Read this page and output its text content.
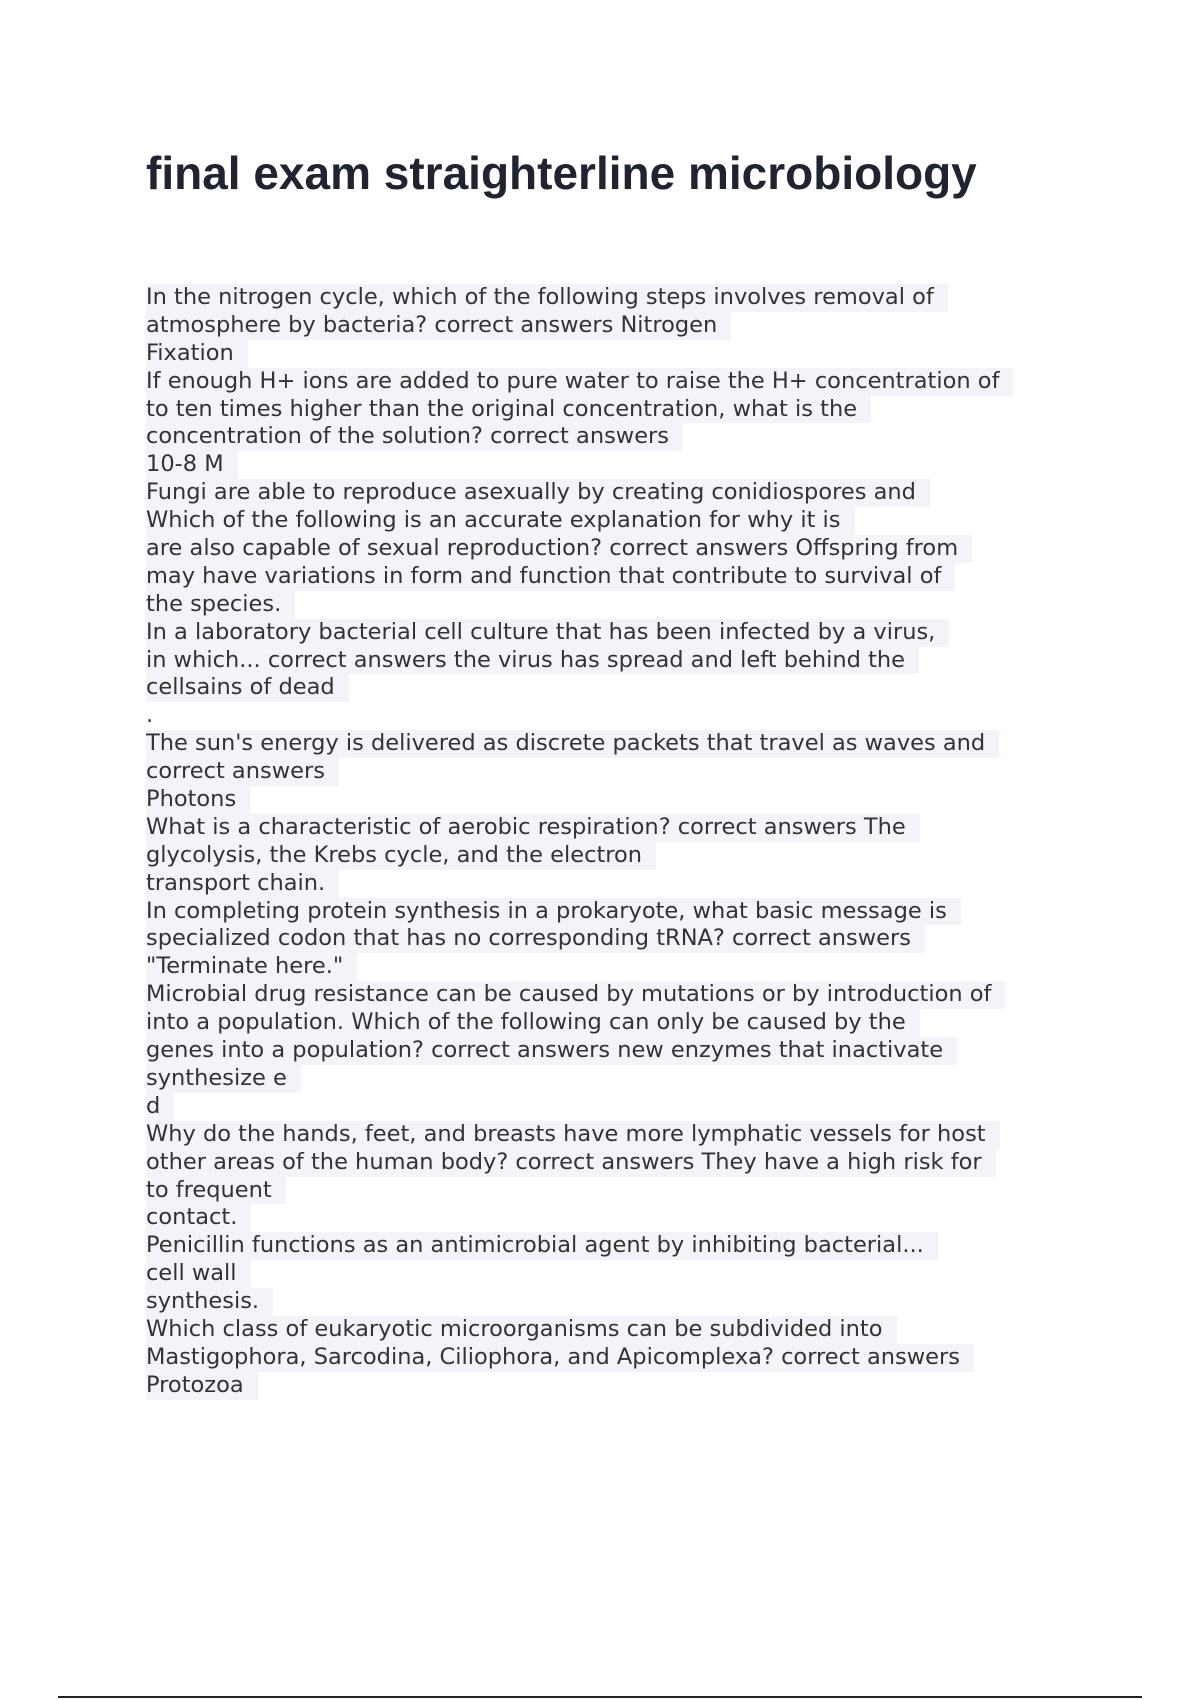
final exam straighterline microbiology
In the nitrogen cycle, which of the following steps involves removal of
atmosphere by bacteria? correct answers Nitrogen
Fixation
If enough H+ ions are added to pure water to raise the H+ concentration of
to ten times higher than the original concentration, what is the
concentration of the solution? correct answers
10-8 M
Fungi are able to reproduce asexually by creating conidiospores and
Which of the following is an accurate explanation for why it is
are also capable of sexual reproduction? correct answers Offspring from
may have variations in form and function that contribute to survival of
the species.
In a laboratory bacterial cell culture that has been infected by a virus,
in which... correct answers the virus has spread and left behind the
cellsains of dead
.
The sun's energy is delivered as discrete packets that travel as waves and
correct answers
Photons
What is a characteristic of aerobic respiration? correct answers The
glycolysis, the Krebs cycle, and the electron
transport chain.
In completing protein synthesis in a prokaryote, what basic message is
specialized codon that has no corresponding tRNA? correct answers
"Terminate here."
Microbial drug resistance can be caused by mutations or by introduction of
into a population. Which of the following can only be caused by the
genes into a population? correct answers new enzymes that inactivate
synthesize e
d
Why do the hands, feet, and breasts have more lymphatic vessels for host
other areas of the human body? correct answers They have a high risk for
to frequent
contact.
Penicillin functions as an antimicrobial agent by inhibiting bacterial...
cell wall
synthesis.
Which class of eukaryotic microorganisms can be subdivided into
Mastigophora, Sarcodina, Ciliophora, and Apicomplexa? correct answers
Protozoa
